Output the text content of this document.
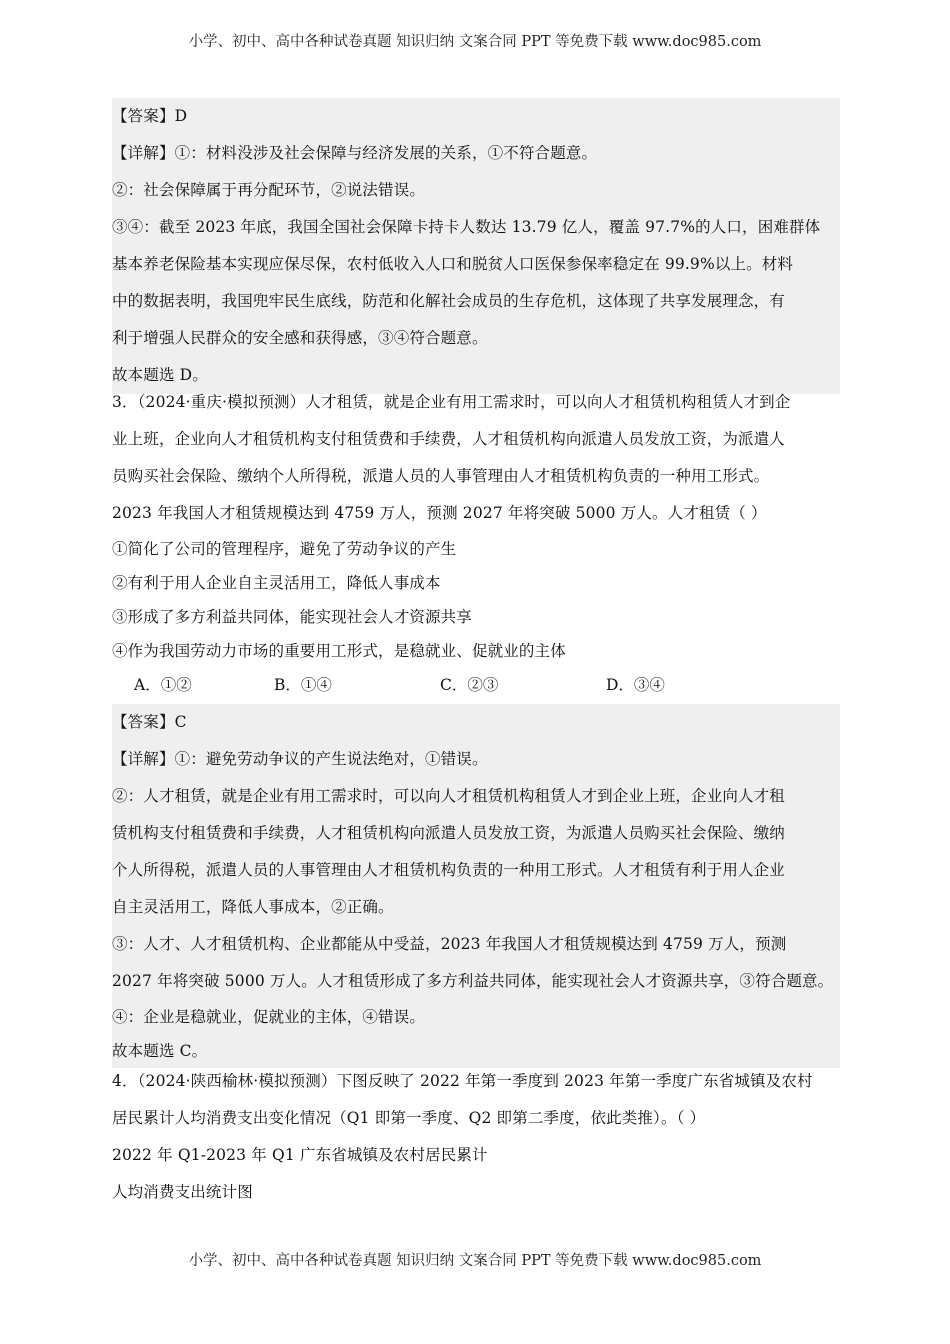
小学、初中、高中各种试卷真题 知识归纳 文案合同 PPT 等免费下载 www.doc985.com
【答案】D
【详解】①：材料没涉及社会保障与经济发展的关系，①不符合题意。
②：社会保障属于再分配环节，②说法错误。
③④：截至 2023 年底，我国全国社会保障卡持卡人数达 13.79 亿人，覆盖 97.7%的人口，困难群体
基本养老保险基本实现应保尽保，农村低收入人口和脱贫人口医保参保率稳定在 99.9%以上。材料
中的数据表明，我国兜牢民生底线，防范和化解社会成员的生存危机，这体现了共享发展理念，有
利于增强人民群众的安全感和获得感，③④符合题意。
故本题选 D。
3．（2024·重庆·模拟预测）人才租赁，就是企业有用工需求时，可以向人才租赁机构租赁人才到企
业上班，企业向人才租赁机构支付租赁费和手续费，人才租赁机构向派遣人员发放工资，为派遣人
员购买社会保险、缴纳个人所得税，派遣人员的人事管理由人才租赁机构负责的一种用工形式。
2023 年我国人才租赁规模达到 4759 万人，预测 2027 年将突破 5000 万人。人才租赁（ ）
①简化了公司的管理程序，避免了劳动争议的产生
②有利于用人企业自主灵活用工，降低人事成本
③形成了多方利益共同体，能实现社会人才资源共享
④作为我国劳动力市场的重要用工形式，是稳就业、促就业的主体
A．①②	B．①④	C．②③	D．③④
【答案】C
【详解】①：避免劳动争议的产生说法绝对，①错误。
②：人才租赁，就是企业有用工需求时，可以向人才租赁机构租赁人才到企业上班，企业向人才租
赁机构支付租赁费和手续费，人才租赁机构向派遣人员发放工资，为派遣人员购买社会保险、缴纳
个人所得税，派遣人员的人事管理由人才租赁机构负责的一种用工形式。人才租赁有利于用人企业
自主灵活用工，降低人事成本，②正确。
③：人才、人才租赁机构、企业都能从中受益，2023 年我国人才租赁规模达到 4759 万人，预测
2027 年将突破 5000 万人。人才租赁形成了多方利益共同体，能实现社会人才资源共享，③符合题意。
④：企业是稳就业，促就业的主体，④错误。
故本题选 C。
4．（2024·陕西榆林·模拟预测）下图反映了 2022 年第一季度到 2023 年第一季度广东省城镇及农村
居民累计人均消费支出变化情况（Q1 即第一季度、Q2 即第二季度，依此类推）。（ ）
2022 年 Q1-2023 年 Q1 广东省城镇及农村居民累计
人均消费支出统计图
小学、初中、高中各种试卷真题 知识归纳 文案合同 PPT 等免费下载 www.doc985.com
